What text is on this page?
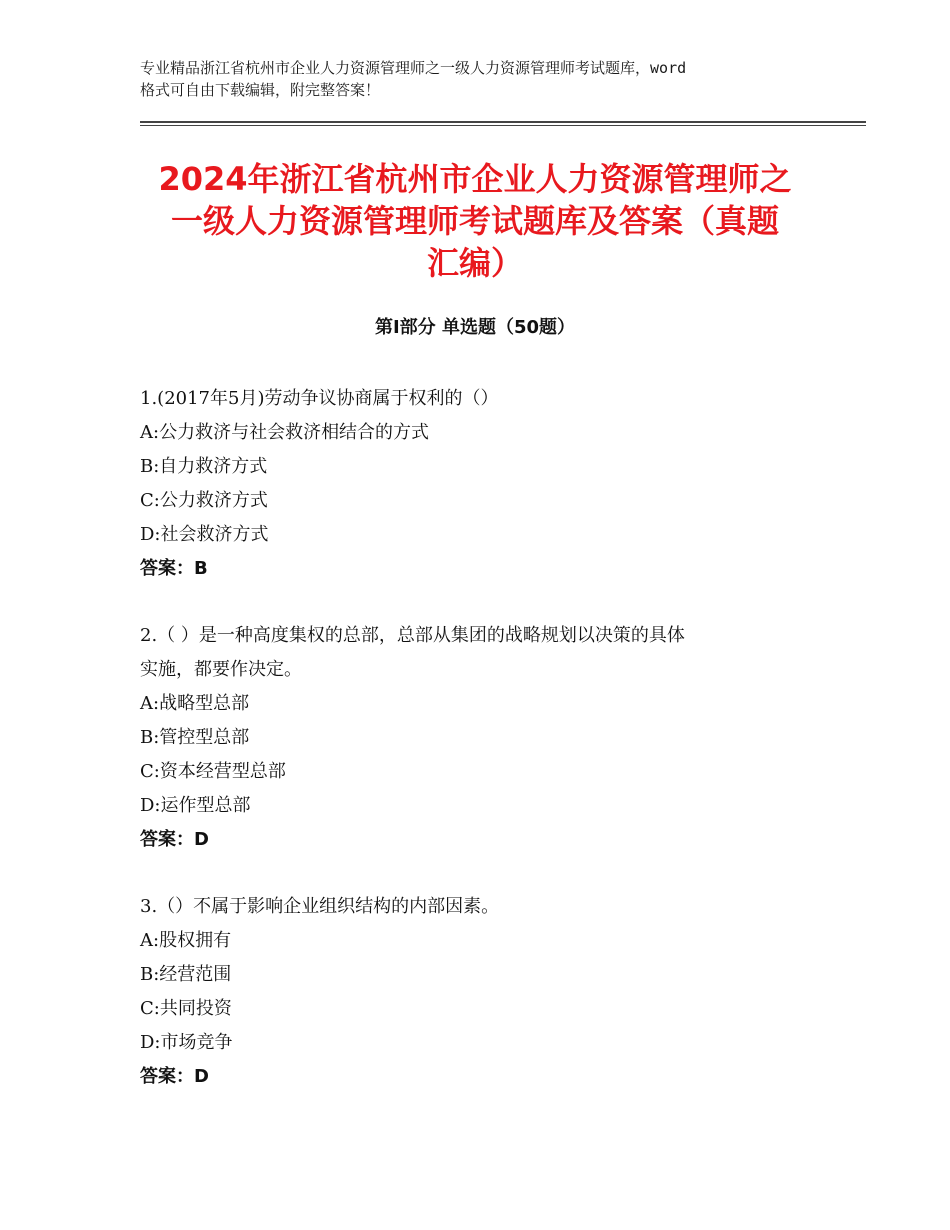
专业精品浙江省杭州市企业人力资源管理师之一级人力资源管理师考试题库，word
格式可自由下载编辑，附完整答案！
2024年浙江省杭州市企业人力资源管理师之
一级人力资源管理师考试题库及答案（真题
汇编）
第Ⅰ部分 单选题（50题）
1.(2017年5月)劳动争议协商属于权利的（）
A:公力救济与社会救济相结合的方式
B:自力救济方式
C:公力救济方式
D:社会救济方式
答案：B
2.（ ）是一种高度集权的总部，总部从集团的战略规划以决策的具体
实施，都要作决定。
A:战略型总部
B:管控型总部
C:资本经营型总部
D:运作型总部
答案：D
3.（）不属于影响企业组织结构的内部因素。
A:股权拥有
B:经营范围
C:共同投资
D:市场竞争
答案：D
